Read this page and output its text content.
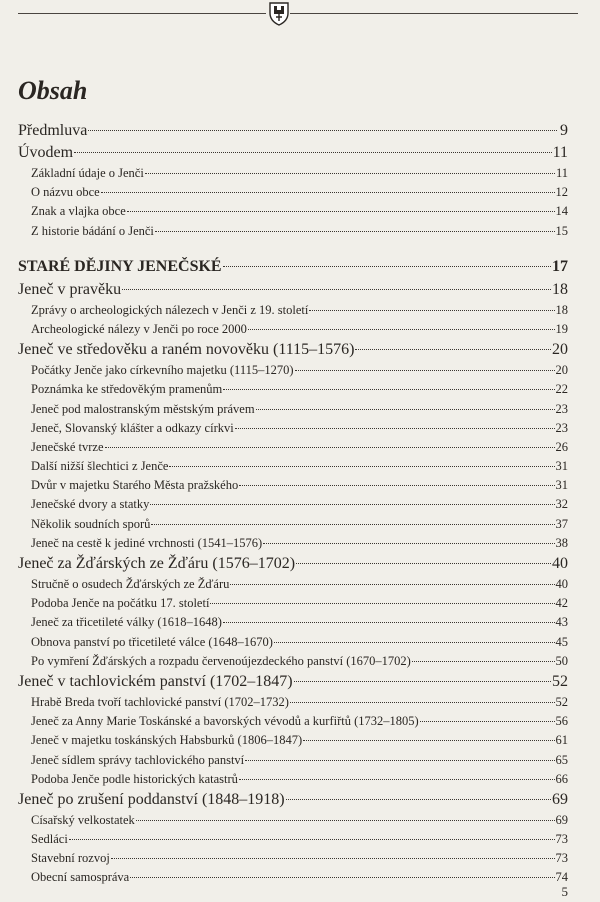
Obsah
Předmluva	9
Úvodem	11
Základní údaje o Jenči	11
O názvu obce	12
Znak a vlajka obce	14
Z historie bádání o Jenči	15
STARÉ DĚJINY JENEČSKÉ	17
Jeneč v pravěku	18
Zprávy o archeologických nálezech v Jenči z 19. století	18
Archeologické nálezy v Jenči po roce 2000	19
Jeneč ve středověku a raném novověku (1115–1576)	20
Počátky Jenče jako církevního majetku (1115–1270)	20
Poznámka ke středověkým pramenům	22
Jeneč pod malostranským městským právem	23
Jeneč, Slovanský klášter a odkazy církvi	23
Jenečské tvrze	26
Další nižší šlechtici z Jenče	31
Dvůr v majetku Starého Města pražského	31
Jenečské dvory a statky	32
Několik soudních sporů	37
Jeneč na cestě k jediné vrchnosti (1541–1576)	38
Jeneč za Žďárských ze Žďáru (1576–1702)	40
Stručně o osudech Žďárských ze Žďáru	40
Podoba Jenče na počátku 17. století	42
Jeneč za třicetileté války (1618–1648)	43
Obnova panství po třicetileté válce (1648–1670)	45
Po vymření Žďárských a rozpadu červenoújezdeckého panství (1670–1702)	50
Jeneč v tachlovickém panství (1702–1847)	52
Hrabě Breda tvoří tachlovické panství (1702–1732)	52
Jeneč za Anny Marie Toskánské a bavorských vévodů a kurfiřtů (1732–1805)	56
Jeneč v majetku toskánských Habsburků (1806–1847)	61
Jeneč sídlem správy tachlovického panství	65
Podoba Jenče podle historických katastrů	66
Jeneč po zrušení poddanství (1848–1918)	69
Císařský velkostatek	69
Sedláci	73
Stavební rozvoj	73
Obecní samospráva	74
5
